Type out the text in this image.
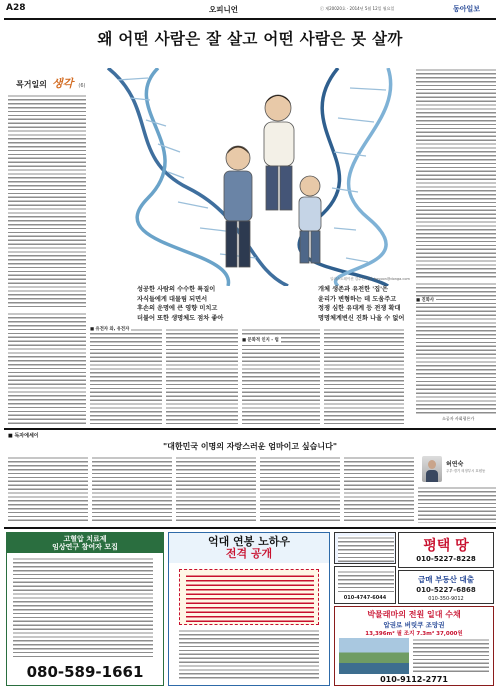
A28	오피니언	ⓒ 제20020호 · 2014년 5월 12일 월요일	동아일보
왜 어떤 사람은 잘 살고 어떤 사람은 못 살까
목거일의 생각 (6)
성공한 사람의 수수한 특질이
자식들에게 대물림 되면서
후손의 운명에 큰 영향 미치고
더불어 또한 생명체도 점차 좋아
개체 생존과 유전한 '집'은
윤리가 변형하는 데 도움주고
정쟁 심한 유대계 등 전쟁 확대
명명체계변신 진화 나올 수 없어
일러스트레이션 김수진 기자 boyoon@donga.com
■ 유전자 와, 유전자
■ 문화적 인지 - 럽
■ 진화사
소공자 사회평론가
■ 독자에세이
"대한민국 이명의 자랑스러운 엄마이고 싶습니다"
허연숙
주부·경기 의정부시 호원동
고혈압 치료제
임상연구 참여자 모집
080-589-1661
억대 연봉 노하우
전격 공개	평택 땅
010-5227-8228
010-4747-6044
급매 부동산 대출
010-5227-6868
010-350-9012
박물래마의 전원 일대 수채
압권로 버릿쿠 조망권
13,396m² 필 조지 7.3m² 37,000원
010-9112-2771
